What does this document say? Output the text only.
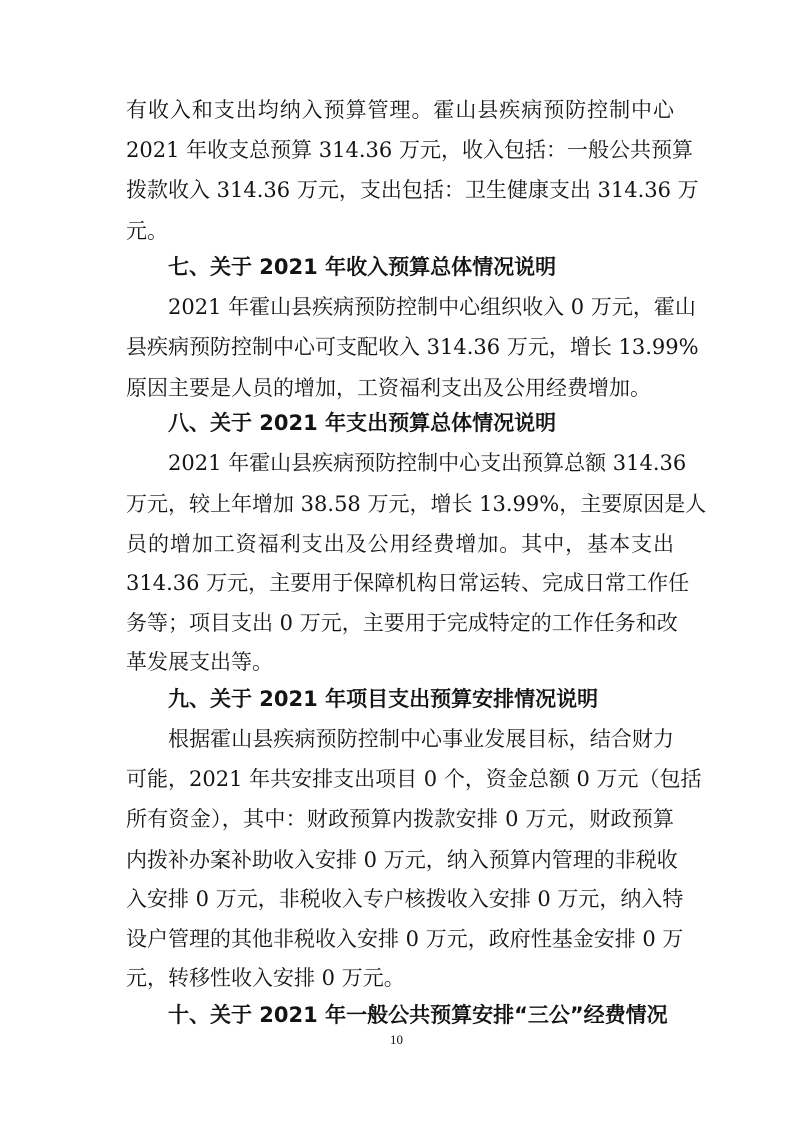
有收入和支出均纳入预算管理。霍山县疾病预防控制中心
2021 年收支总预算 314.36 万元，收入包括：一般公共预算
拨款收入 314.36 万元，支出包括：卫生健康支出 314.36 万
元。
七、关于 2021 年收入预算总体情况说明
2021 年霍山县疾病预防控制中心组织收入 0 万元，霍山
县疾病预防控制中心可支配收入 314.36 万元，增长 13.99%
原因主要是人员的增加，工资福利支出及公用经费增加。
八、关于 2021 年支出预算总体情况说明
2021 年霍山县疾病预防控制中心支出预算总额 314.36
万元，较上年增加 38.58 万元，增长 13.99%，主要原因是人
员的增加工资福利支出及公用经费增加。其中，基本支出
314.36 万元，主要用于保障机构日常运转、完成日常工作任
务等；项目支出 0 万元，主要用于完成特定的工作任务和改
革发展支出等。
九、关于 2021 年项目支出预算安排情况说明
根据霍山县疾病预防控制中心事业发展目标，结合财力
可能，2021 年共安排支出项目 0 个，资金总额 0 万元（包括
所有资金），其中：财政预算内拨款安排 0 万元，财政预算
内拨补办案补助收入安排 0 万元，纳入预算内管理的非税收
入安排 0 万元，非税收入专户核拨收入安排 0 万元，纳入特
设户管理的其他非税收入安排 0 万元，政府性基金安排 0 万
元，转移性收入安排 0 万元。
十、关于 2021 年一般公共预算安排“三公”经费情况
10
